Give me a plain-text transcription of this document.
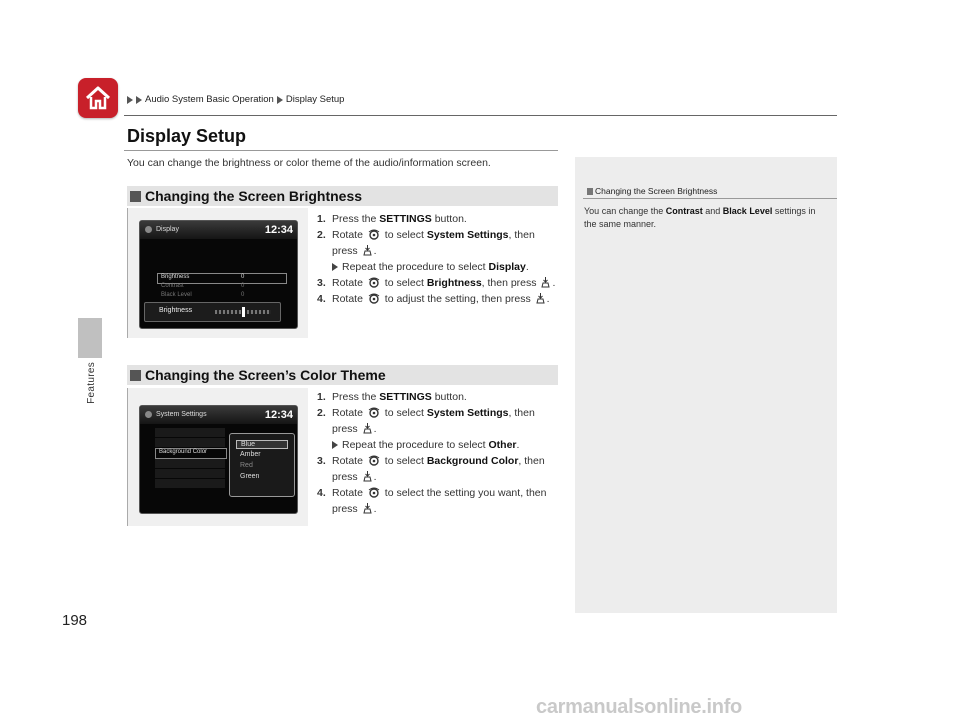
Features
198
Audio System Basic Operation Display Setup
Display Setup
You can change the brightness or color theme of the audio/information screen.
Changing the Screen Brightness
Display	12:34
Brightness	0
Contrast	0
Black Level	0
Brightness
1. Press the SETTINGS button.
2. Rotate  to select System Settings, then press .
Repeat the procedure to select Display.
3. Rotate  to select Brightness, then press .
4. Rotate  to adjust the setting, then press .
Changing the Screen’s Color Theme
System Settings	12:34
Background Color
Blue
Amber
Red
Green
1. Press the SETTINGS button.
2. Rotate  to select System Settings, then press .
Repeat the procedure to select Other.
3. Rotate  to select Background Color, then press .
4. Rotate  to select the setting you want, then press .
Changing the Screen Brightness
You can change the Contrast and Black Level settings in the same manner.
carmanualsonline.info
